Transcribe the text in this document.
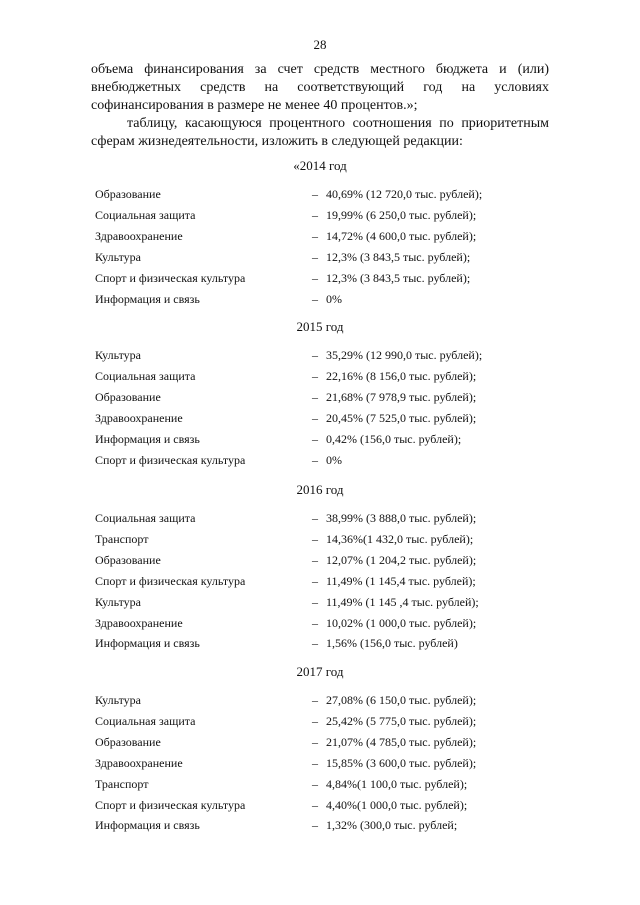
28

объема финансирования за счет средств местного бюджета и (или) внебюджетных средств на соответствующий год на условиях софинансирования в размере не менее 40 процентов.»;

таблицу, касающуюся процентного соотношения по приоритетным сферам жизнедеятельности, изложить в следующей редакции:

«2014 год
Образование	– 40,69% (12 720,0 тыс. рублей);
Социальная защита	– 19,99% (6 250,0 тыс. рублей);
Здравоохранение	– 14,72% (4 600,0 тыс. рублей);
Культура	– 12,3% (3 843,5 тыс. рублей);
Спорт и физическая культура	– 12,3% (3 843,5 тыс. рублей);
Информация и связь	– 0%
2015 год
Культура	– 35,29% (12 990,0 тыс. рублей);
Социальная защита	– 22,16% (8 156,0 тыс. рублей);
Образование	– 21,68% (7 978,9 тыс. рублей);
Здравоохранение	– 20,45% (7 525,0 тыс. рублей);
Информация и связь	– 0,42% (156,0 тыс. рублей);
Спорт и физическая культура	– 0%
2016 год
Социальная защита	– 38,99% (3 888,0 тыс. рублей);
Транспорт	– 14,36%(1 432,0 тыс. рублей);
Образование	– 12,07% (1 204,2 тыс. рублей);
Спорт и физическая культура	– 11,49% (1 145,4 тыс. рублей);
Культура	– 11,49% (1 145 ,4 тыс. рублей);
Здравоохранение	– 10,02% (1 000,0 тыс. рублей);
Информация и связь	– 1,56% (156,0 тыс. рублей)
2017 год
Культура	– 27,08% (6 150,0 тыс. рублей);
Социальная защита	– 25,42% (5 775,0 тыс. рублей);
Образование	– 21,07% (4 785,0 тыс. рублей);
Здравоохранение	– 15,85% (3 600,0 тыс. рублей);
Транспорт	– 4,84%(1 100,0 тыс. рублей);
Спорт и физическая культура	– 4,40%(1 000,0 тыс. рублей);
Информация и связь	– 1,32% (300,0 тыс. рублей;
